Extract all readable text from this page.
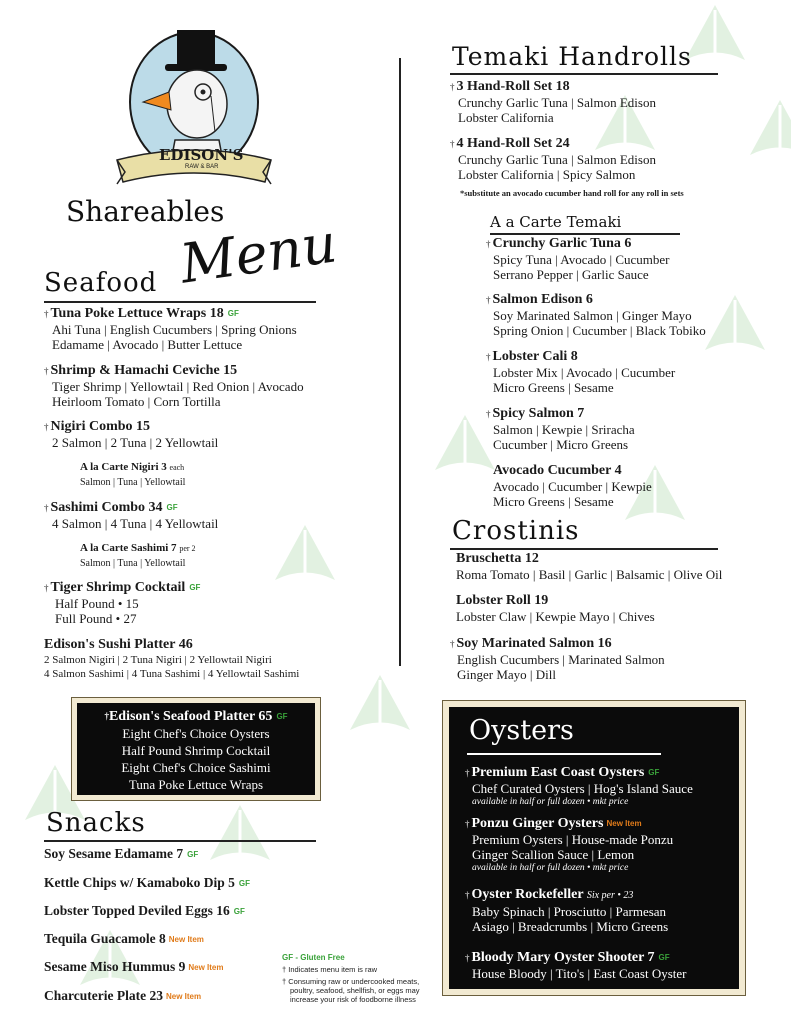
EDISON'S
RAW & BAR
Shareables
Menu
Seafood
† Tuna Poke Lettuce Wraps 18 GF
Ahi Tuna | English Cucumbers | Spring Onions
Edamame | Avocado | Butter Lettuce
† Shrimp & Hamachi Ceviche 15
Tiger Shrimp | Yellowtail | Red Onion | Avocado
Heirloom Tomato | Corn Tortilla
† Nigiri Combo 15
2 Salmon | 2 Tuna | 2 Yellowtail
A la Carte Nigiri 3 each
Salmon | Tuna | Yellowtail
† Sashimi Combo 34 GF
4 Salmon | 4 Tuna | 4 Yellowtail
A la Carte Sashimi 7 per 2
Salmon | Tuna | Yellowtail
† Tiger Shrimp Cocktail GF
Half Pound • 15
Full Pound • 27
Edison's Sushi Platter 46
2 Salmon Nigiri | 2 Tuna Nigiri | 2 Yellowtail Nigiri
4 Salmon Sashimi | 4 Tuna Sashimi | 4 Yellowtail Sashimi
†Edison's Seafood Platter 65 GF
Eight Chef's Choice Oysters
Half Pound Shrimp Cocktail
Eight Chef's Choice Sashimi
Tuna Poke Lettuce Wraps
Snacks
Soy Sesame Edamame 7 GF
Kettle Chips w/ Kamaboko Dip 5 GF
Lobster Topped Deviled Eggs 16 GF
Tequila Guacamole 8 New Item
Sesame Miso Hummus 9 New Item
Charcuterie Plate 23 New Item
GF - Gluten Free
† Indicates menu item is raw
† Consuming raw or undercooked meats,
poultry, seafood, shellfish, or eggs may
increase your risk of foodborne illness
Temaki Handrolls
† 3 Hand-Roll Set 18
Crunchy Garlic Tuna | Salmon Edison
Lobster California
† 4 Hand-Roll Set 24
Crunchy Garlic Tuna | Salmon Edison
Lobster California | Spicy Salmon
*substitute an avocado cucumber hand roll for any roll in sets
A a Carte Temaki
† Crunchy Garlic Tuna 6
Spicy Tuna | Avocado | Cucumber
Serrano Pepper | Garlic Sauce
† Salmon Edison 6
Soy Marinated Salmon | Ginger Mayo
Spring Onion | Cucumber | Black Tobiko
† Lobster Cali 8
Lobster Mix | Avocado | Cucumber
Micro Greens | Sesame
† Spicy Salmon 7
Salmon | Kewpie | Sriracha
Cucumber | Micro Greens
Avocado Cucumber 4
Avocado | Cucumber | Kewpie
Micro Greens | Sesame
Crostinis
Bruschetta 12
Roma Tomato | Basil | Garlic | Balsamic | Olive Oil
Lobster Roll 19
Lobster Claw | Kewpie Mayo | Chives
† Soy Marinated Salmon 16
English Cucumbers | Marinated Salmon
Ginger Mayo | Dill
Oysters
† Premium East Coast Oysters GF
Chef Curated Oysters | Hog's Island Sauce
available in half or full dozen • mkt price
† Ponzu Ginger Oysters New Item
Premium Oysters | House-made Ponzu
Ginger Scallion Sauce | Lemon
available in half or full dozen • mkt price
† Oyster Rockefeller Six per • 23
Baby Spinach | Prosciutto | Parmesan
Asiago | Breadcrumbs | Micro Greens
† Bloody Mary Oyster Shooter 7 GF
House Bloody | Tito's | East Coast Oyster
